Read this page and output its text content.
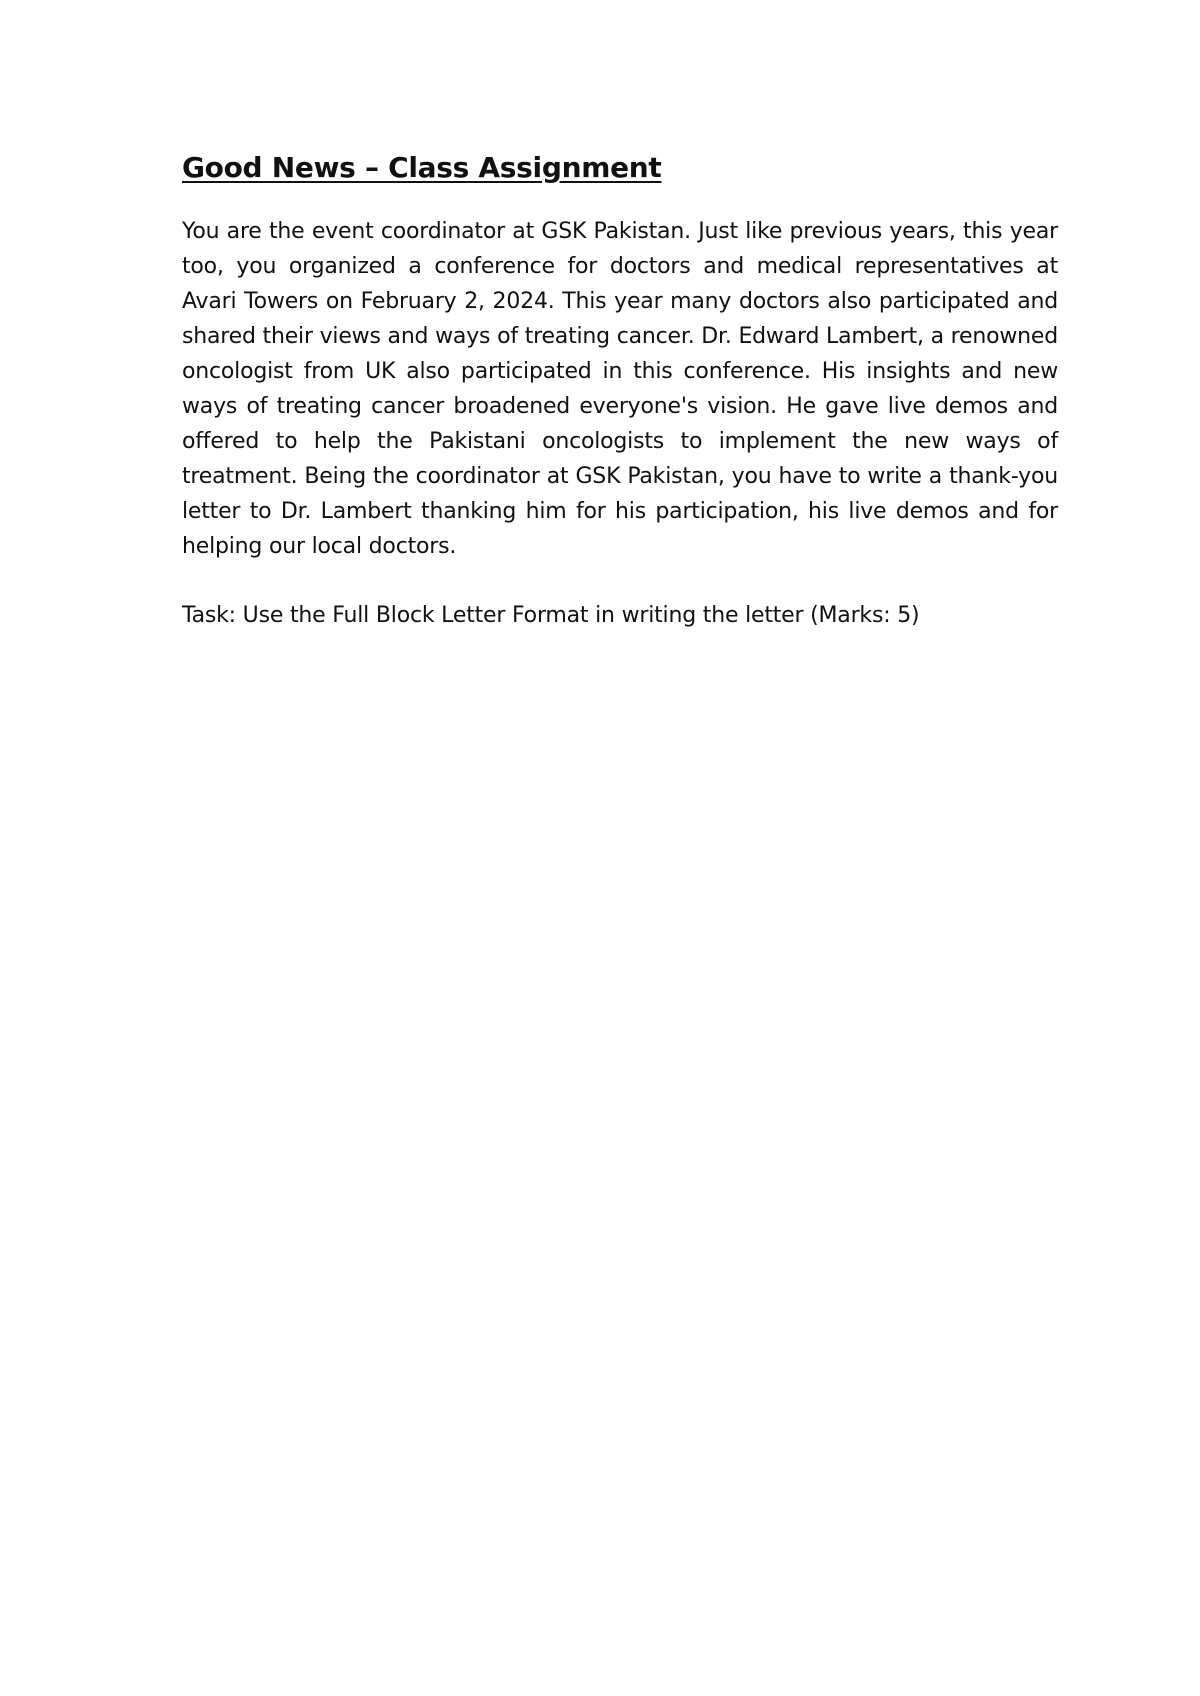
Good News – Class Assignment

You are the event coordinator at GSK Pakistan. Just like previous years, this year too, you organized a conference for doctors and medical representatives at Avari Towers on February 2, 2024. This year many doctors also participated and shared their views and ways of treating cancer. Dr. Edward Lambert, a renowned oncologist from UK also participated in this conference. His insights and new ways of treating cancer broadened everyone's vision. He gave live demos and offered to help the Pakistani oncologists to implement the new ways of treatment. Being the coordinator at GSK Pakistan, you have to write a thank-you letter to Dr. Lambert thanking him for his participation, his live demos and for helping our local doctors.

Task: Use the Full Block Letter Format in writing the letter (Marks: 5)
